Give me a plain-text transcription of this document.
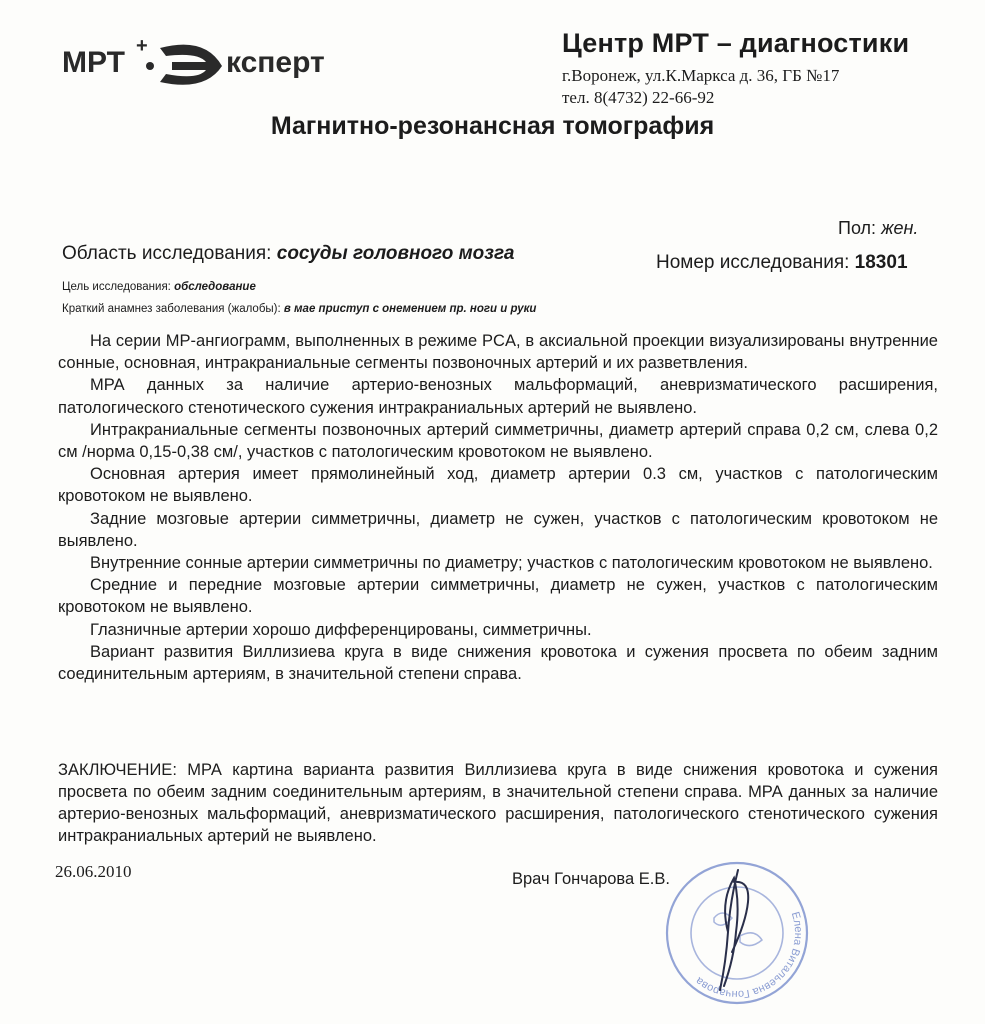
МРТ +	ксперт
Центр МРТ – диагностики
г.Воронеж, ул.К.Маркса д. 36, ГБ №17
тел. 8(4732) 22-66-92
Магнитно-резонансная томография
Пол: жен.
Область исследования: сосуды головного мозга	Номер исследования: 18301
Цель исследования: обследование
Краткий анамнез заболевания (жалобы): в мае приступ с онемением пр. ноги и руки

На серии МР-ангиограмм, выполненных в режиме PCA, в аксиальной проекции визуализированы внутренние сонные, основная, интракраниальные сегменты позвоночных артерий и их разветвления.

МРА данных за наличие артерио-венозных мальформаций, аневризматического расширения, патологического стенотического сужения интракраниальных артерий не выявлено.

Интракраниальные сегменты позвоночных артерий симметричны, диаметр артерий справа 0,2 см, слева 0,2 см /норма 0,15-0,38 см/, участков с патологическим кровотоком не выявлено.

Основная артерия имеет прямолинейный ход, диаметр артерии 0.3 см, участков с патологическим кровотоком не выявлено.

Задние мозговые артерии симметричны, диаметр не сужен, участков с патологическим кровотоком не выявлено.

Внутренние сонные артерии симметричны по диаметру; участков с патологическим кровотоком не выявлено.

Средние и передние мозговые артерии симметричны, диаметр не сужен, участков с патологическим кровотоком не выявлено.

Глазничные артерии хорошо дифференцированы, симметричны.

Вариант развития Виллизиева круга в виде снижения кровотока и сужения просвета по обеим задним соединительным артериям, в значительной степени справа.

ЗАКЛЮЧЕНИЕ: МРА картина варианта развития Виллизиева круга в виде снижения кровотока и сужения просвета по обеим задним соединительным артериям, в значительной степени справа. МРА данных за наличие артерио-венозных мальформаций, аневризматического расширения, патологического стенотического сужения интракраниальных артерий не выявлено.
26.06.2010	Врач Гончарова Е.В.
Елена Витальевна Гончарова
